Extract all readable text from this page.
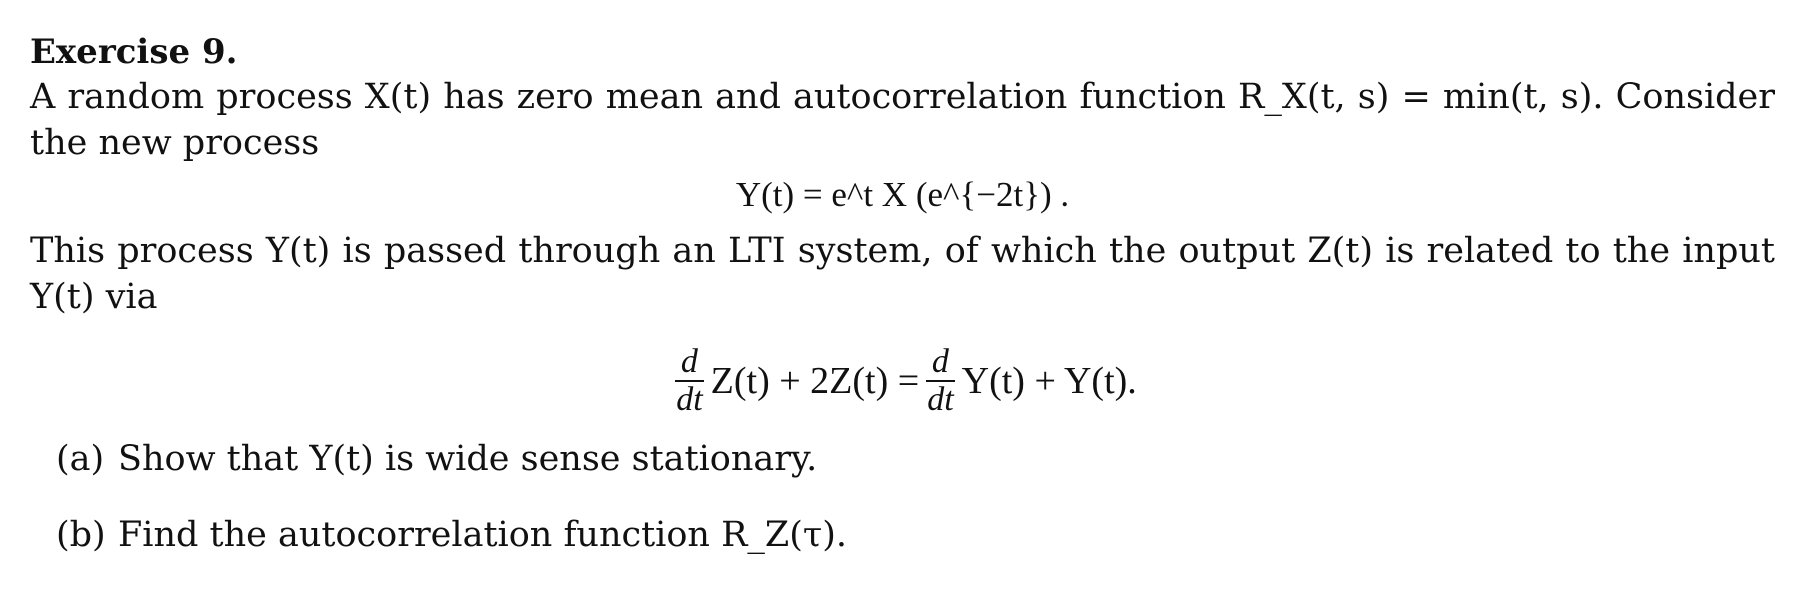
Exercise 9.

A random process X(t) has zero mean and autocorrelation function R_X(t, s) = min(t, s). Consider the new process

Y(t) = e^t X (e^{−2t}) .

This process Y(t) is passed through an LTI system, of which the output Z(t) is related to the input Y(t) via

$\frac{d}{dt} Z(t) + 2Z(t) = \frac{d}{dt} Y(t) + Y(t)$.
(a) Show that Y(t) is wide sense stationary.
(b) Find the autocorrelation function R_Z(τ).
